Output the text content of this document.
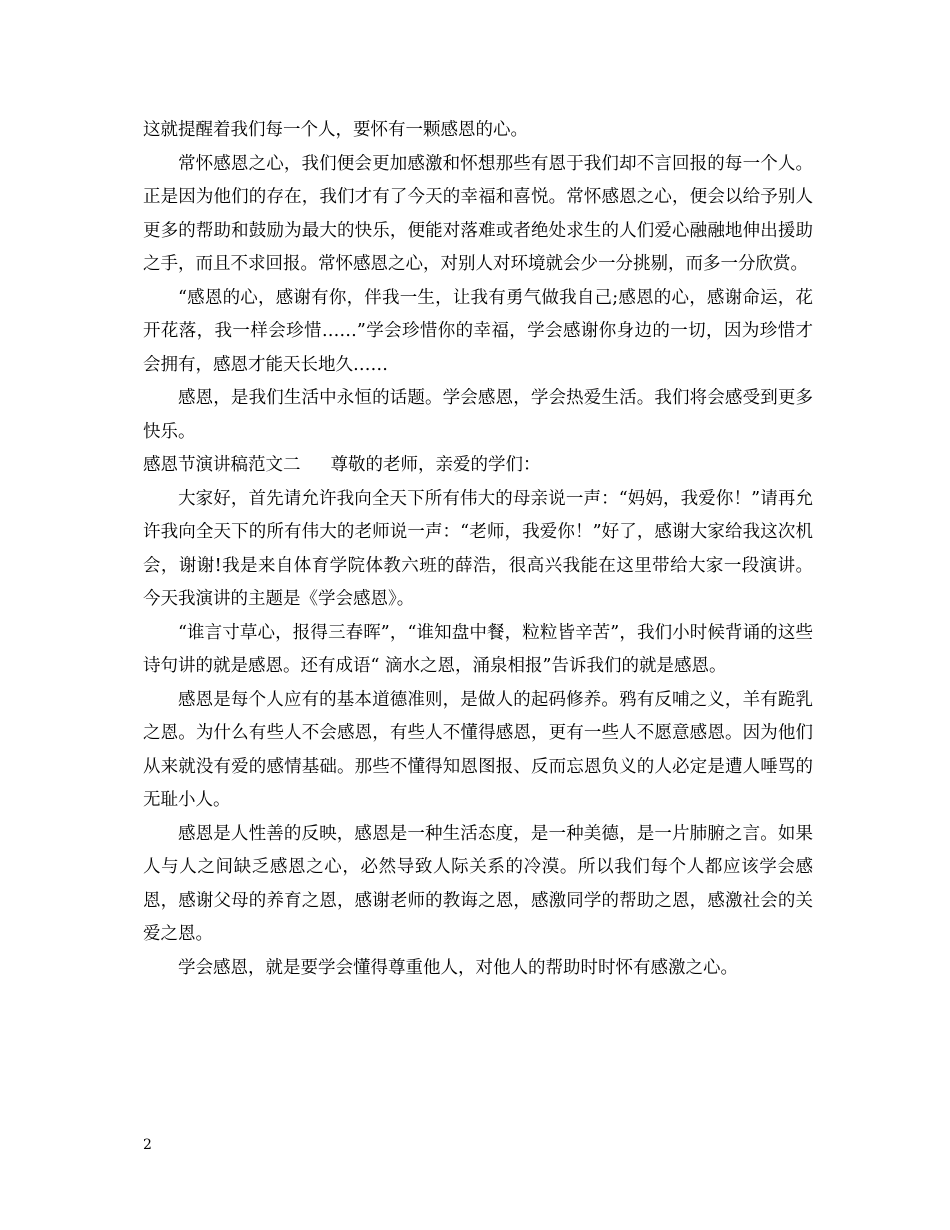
这就提醒着我们每一个人，要怀有一颗感恩的心。

常怀感恩之心，我们便会更加感激和怀想那些有恩于我们却不言回报的每一个人。正是因为他们的存在，我们才有了今天的幸福和喜悦。常怀感恩之心，便会以给予别人更多的帮助和鼓励为最大的快乐，便能对落难或者绝处求生的人们爱心融融地伸出援助之手，而且不求回报。常怀感恩之心，对别人对环境就会少一分挑剔，而多一分欣赏。

“感恩的心，感谢有你，伴我一生，让我有勇气做我自己;感恩的心，感谢命运，花开花落，我一样会珍惜……”学会珍惜你的幸福，学会感谢你身边的一切，因为珍惜才会拥有，感恩才能天长地久……

感恩，是我们生活中永恒的话题。学会感恩，学会热爱生活。我们将会感受到更多快乐。

感恩节演讲稿范文二 尊敬的老师，亲爱的学们：

大家好，首先请允许我向全天下所有伟大的母亲说一声：“妈妈，我爱你！”请再允许我向全天下的所有伟大的老师说一声：“老师，我爱你！”好了，感谢大家给我这次机会，谢谢!我是来自体育学院体教六班的薛浩，很高兴我能在这里带给大家一段演讲。今天我演讲的主题是《学会感恩》。

“谁言寸草心，报得三春晖”，“谁知盘中餐，粒粒皆辛苦”，我们小时候背诵的这些诗句讲的就是感恩。还有成语“ 滴水之恩，涌泉相报”告诉我们的就是感恩。

感恩是每个人应有的基本道德准则，是做人的起码修养。鸦有反哺之义，羊有跪乳之恩。为什么有些人不会感恩，有些人不懂得感恩，更有一些人不愿意感恩。因为他们从来就没有爱的感情基础。那些不懂得知恩图报、反而忘恩负义的人必定是遭人唾骂的无耻小人。

感恩是人性善的反映，感恩是一种生活态度，是一种美德，是一片肺腑之言。如果人与人之间缺乏感恩之心，必然导致人际关系的冷漠。所以我们每个人都应该学会感恩，感谢父母的养育之恩，感谢老师的教诲之恩，感激同学的帮助之恩，感激社会的关爱之恩。

学会感恩，就是要学会懂得尊重他人，对他人的帮助时时怀有感激之心。

2
